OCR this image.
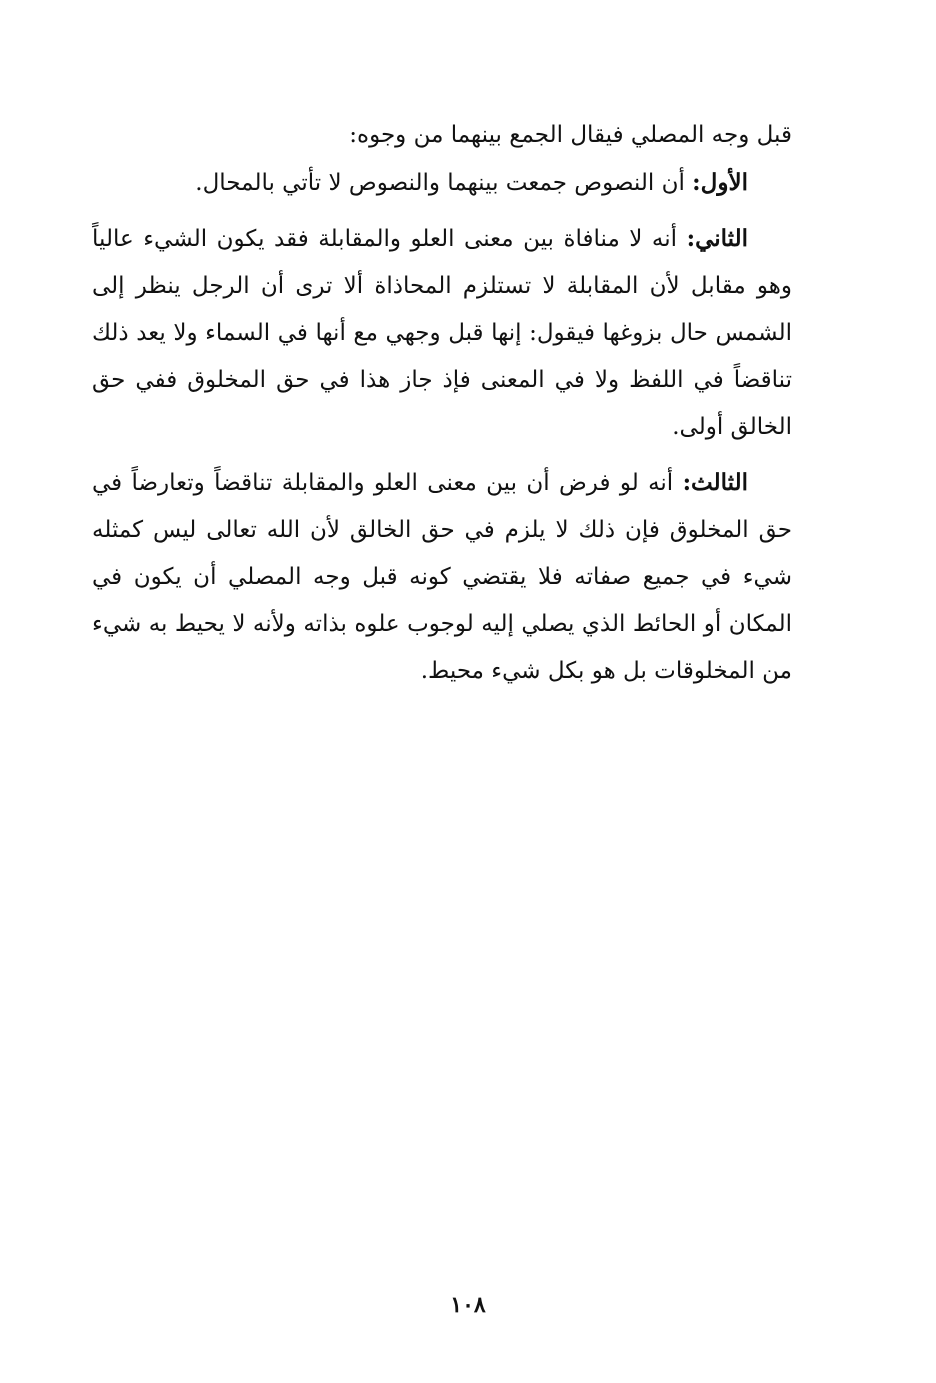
قبل وجه المصلي فيقال الجمع بينهما من وجوه:

الأول: أن النصوص جمعت بينهما والنصوص لا تأتي بالمحال.

الثاني: أنه لا منافاة بين معنى العلو والمقابلة فقد يكون الشيء عالياً وهو مقابل لأن المقابلة لا تستلزم المحاذاة ألا ترى أن الرجل ينظر إلى الشمس حال بزوغها فيقول: إنها قبل وجهي مع أنها في السماء ولا يعد ذلك تناقضاً في اللفظ ولا في المعنى فإذ جاز هذا في حق المخلوق ففي حق الخالق أولى.

الثالث: أنه لو فرض أن بين معنى العلو والمقابلة تناقضاً وتعارضاً في حق المخلوق فإن ذلك لا يلزم في حق الخالق لأن الله تعالى ليس كمثله شيء في جميع صفاته فلا يقتضي كونه قبل وجه المصلي أن يكون في المكان أو الحائط الذي يصلي إليه لوجوب علوه بذاته ولأنه لا يحيط به شيء من المخلوقات بل هو بكل شيء محيط.

١٠٨
